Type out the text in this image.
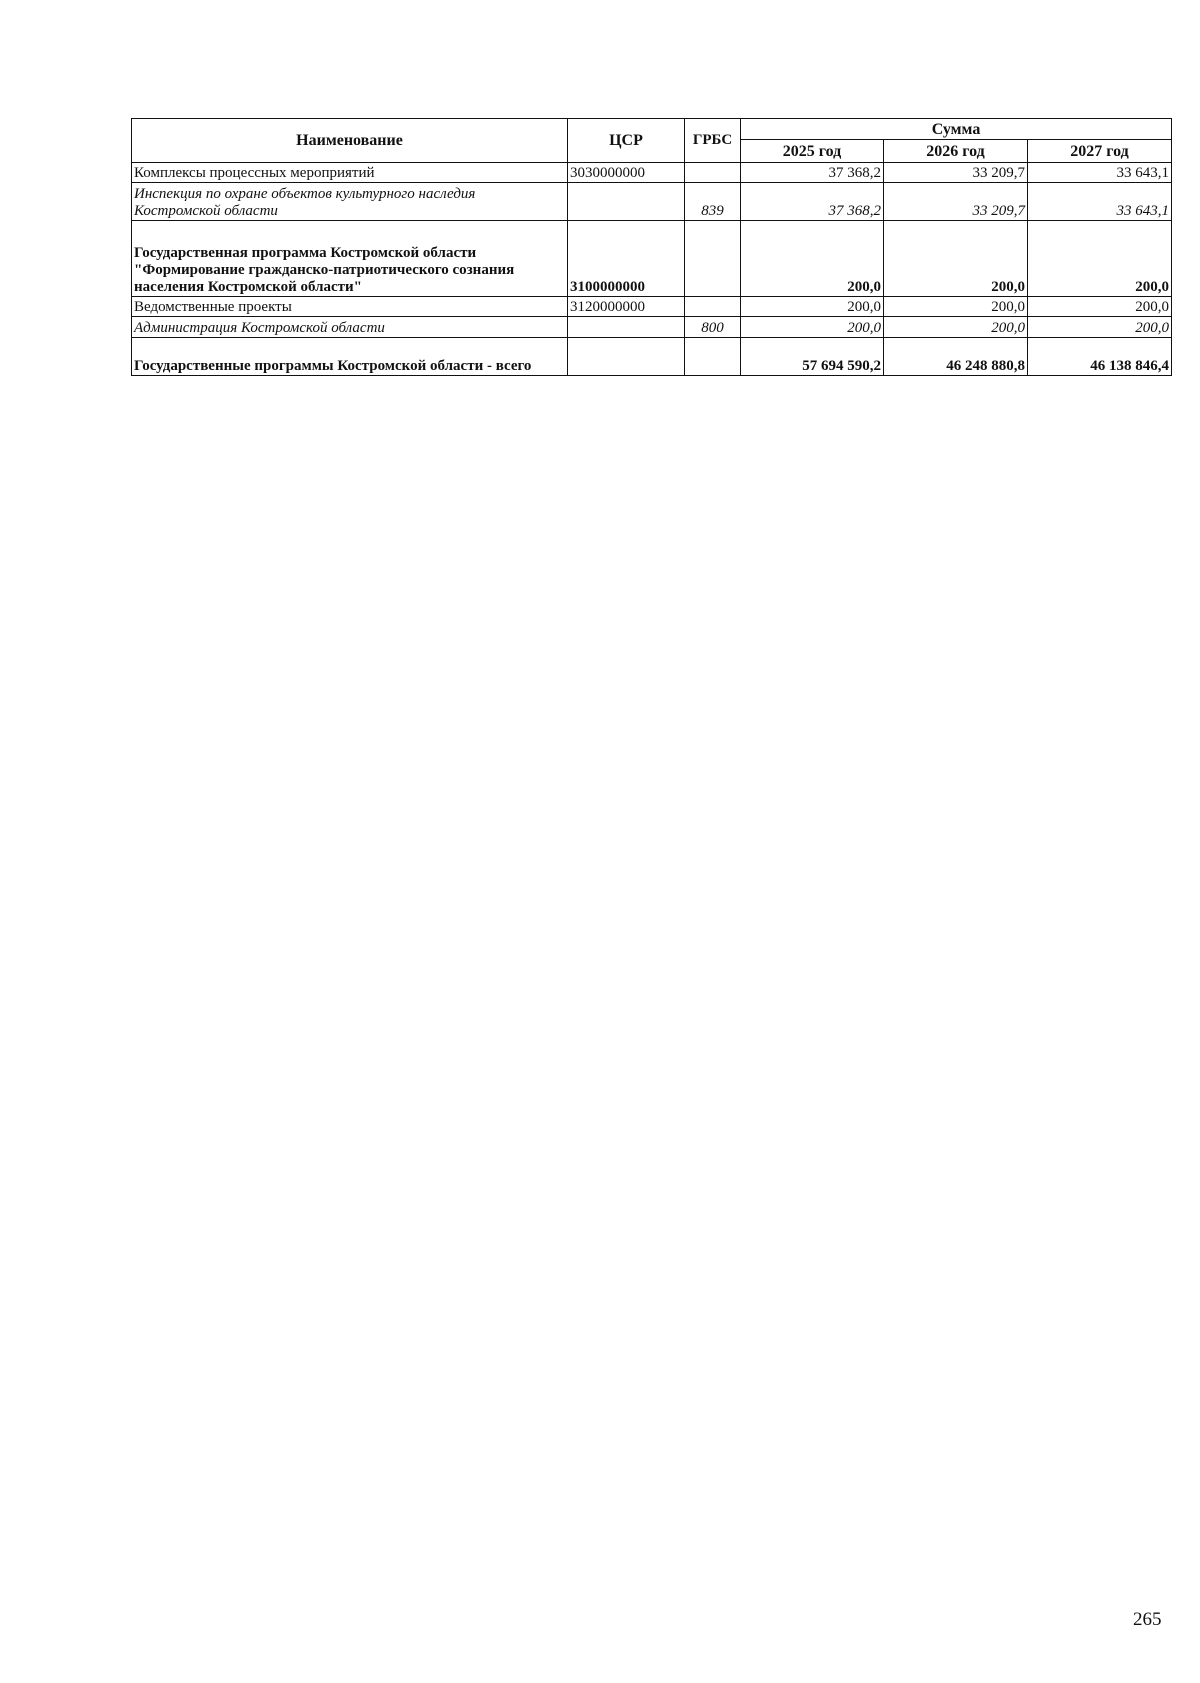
Наименование	ЦСР	ГРБС	Сумма		
			2025 год	2026 год	2027 год
Комплексы процессных мероприятий	3030000000		37 368,2	33 209,7	33 643,1
Инспекция по охране объектов культурного наследия Костромской области		839	37 368,2	33 209,7	33 643,1
Государственная программа Костромской области "Формирование гражданско-патриотического сознания населения Костромской области"	3100000000		200,0	200,0	200,0
Ведомственные проекты	3120000000		200,0	200,0	200,0
Администрация Костромской области		800	200,0	200,0	200,0
Государственные программы Костромской области - всего			57 694 590,2	46 248 880,8	46 138 846,4
265
